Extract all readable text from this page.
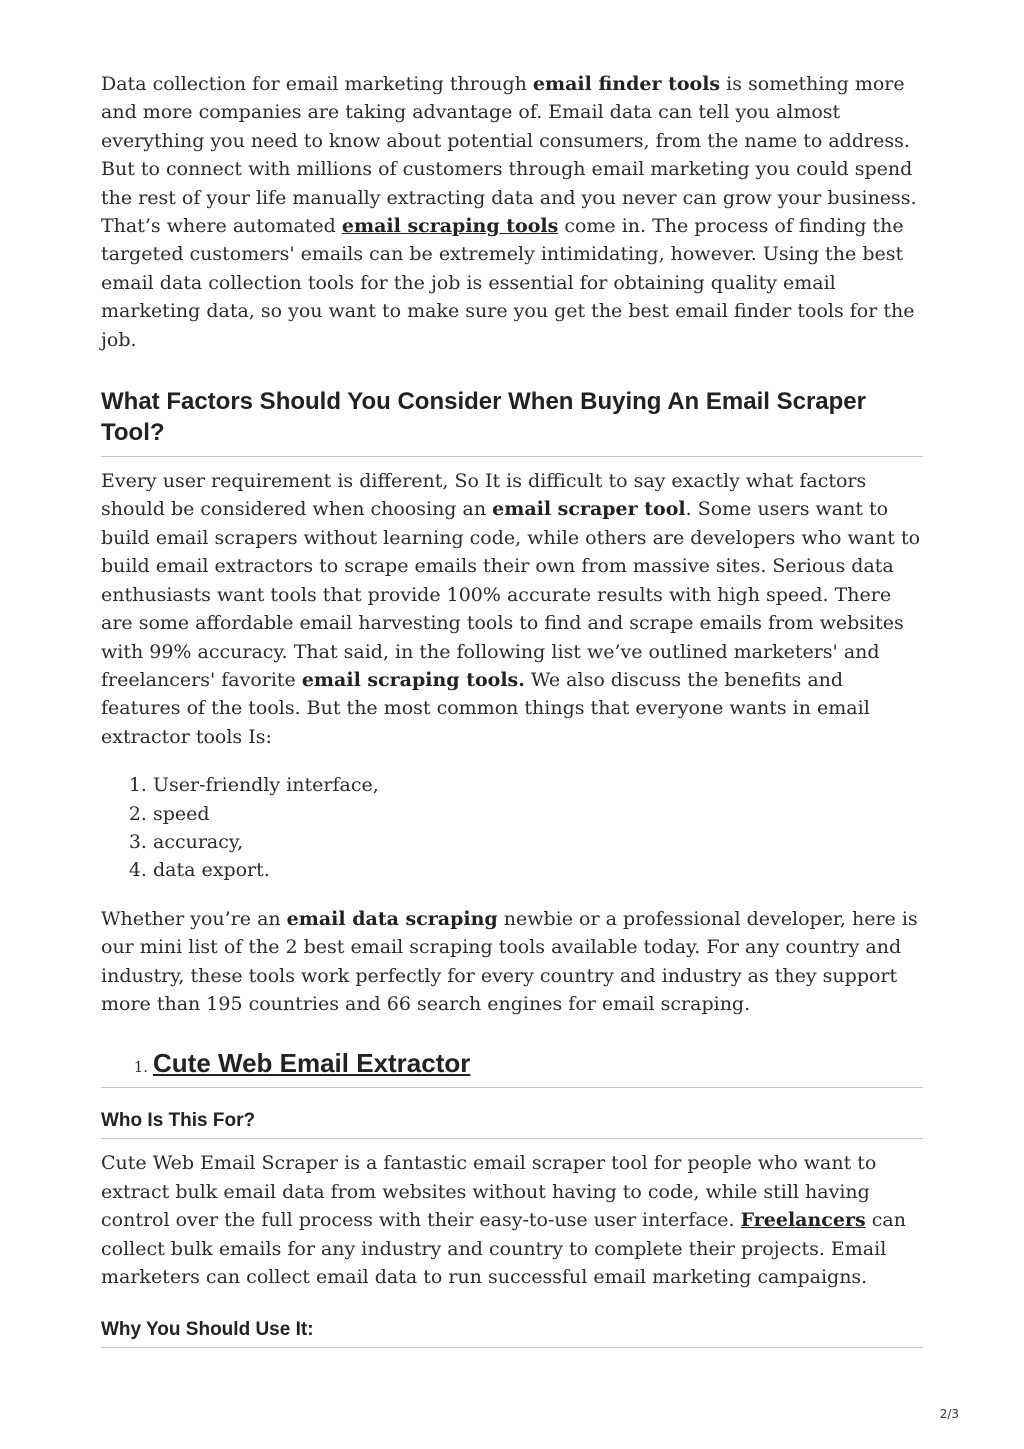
Data collection for email marketing through email finder tools is something more and more companies are taking advantage of. Email data can tell you almost everything you need to know about potential consumers, from the name to address. But to connect with millions of customers through email marketing you could spend the rest of your life manually extracting data and you never can grow your business. That’s where automated email scraping tools come in. The process of finding the targeted customers' emails can be extremely intimidating, however. Using the best email data collection tools for the job is essential for obtaining quality email marketing data, so you want to make sure you get the best email finder tools for the job.

What Factors Should You Consider When Buying An Email Scraper Tool?

Every user requirement is different, So It is difficult to say exactly what factors should be considered when choosing an email scraper tool. Some users want to build email scrapers without learning code, while others are developers who want to build email extractors to scrape emails their own from massive sites. Serious data enthusiasts want tools that provide 100% accurate results with high speed. There are some affordable email harvesting tools to find and scrape emails from websites with 99% accuracy. That said, in the following list we’ve outlined marketers' and freelancers' favorite email scraping tools. We also discuss the benefits and features of the tools. But the most common things that everyone wants in email extractor tools Is:

1. User-friendly interface,
2. speed
3. accuracy,
4. data export.

Whether you’re an email data scraping newbie or a professional developer, here is our mini list of the 2 best email scraping tools available today. For any country and industry, these tools work perfectly for every country and industry as they support more than 195 countries and 66 search engines for email scraping.

1. Cute Web Email Extractor
Who Is This For?

Cute Web Email Scraper is a fantastic email scraper tool for people who want to extract bulk email data from websites without having to code, while still having control over the full process with their easy-to-use user interface. Freelancers can collect bulk emails for any industry and country to complete their projects. Email marketers can collect email data to run successful email marketing campaigns.

Why You Should Use It:
2/3
